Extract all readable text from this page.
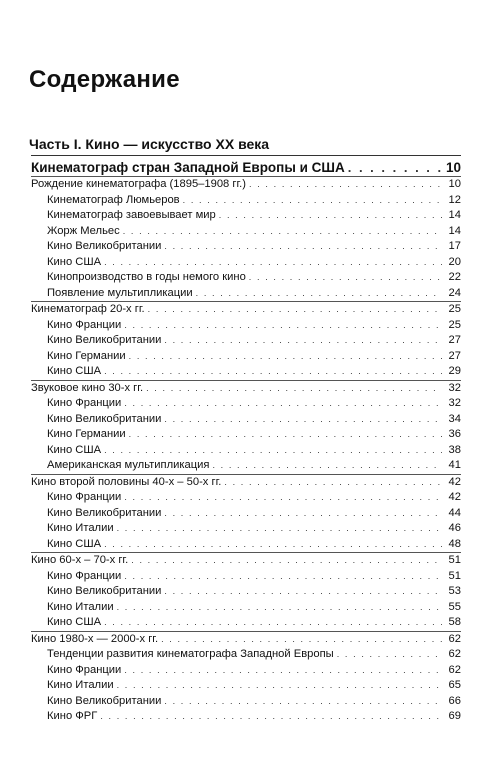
Содержание
Часть I. Кино — искусство XX века
Кинематограф стран Западной Европы и США . . .	10
Рождение кинематографа (1895–1908 гг.) . . .	10
Кинематограф Люмьеров . . .	12
Кинематограф завоевывает мир . . .	14
Жорж Мельес . . .	14
Кино Великобритании . . .	17
Кино США . . .	20
Кинопроизводство в годы немого кино . . .	22
Появление мультипликации . . .	24
Кинематограф 20-х гг. . . .	25
Кино Франции . . .	25
Кино Великобритании . . .	27
Кино Германии . . .	27
Кино США . . .	29
Звуковое кино 30-х гг. . . .	32
Кино Франции . . .	32
Кино Великобритании . . .	34
Кино Германии . . .	36
Кино США . . .	38
Американская мультипликация . . .	41
Кино второй половины 40-х – 50-х гг. . . .	42
Кино Франции . . .	42
Кино Великобритании . . .	44
Кино Италии . . .	46
Кино США . . .	48
Кино 60-х – 70-х гг. . . .	51
Кино Франции . . .	51
Кино Великобритании . . .	53
Кино Италии . . .	55
Кино США . . .	58
Кино 1980-х — 2000-х гг. . . .	62
Тенденции развития кинематографа Западной Европы . . .	62
Кино Франции . . .	62
Кино Италии . . .	65
Кино Великобритании . . .	66
Кино ФРГ . . .	69
